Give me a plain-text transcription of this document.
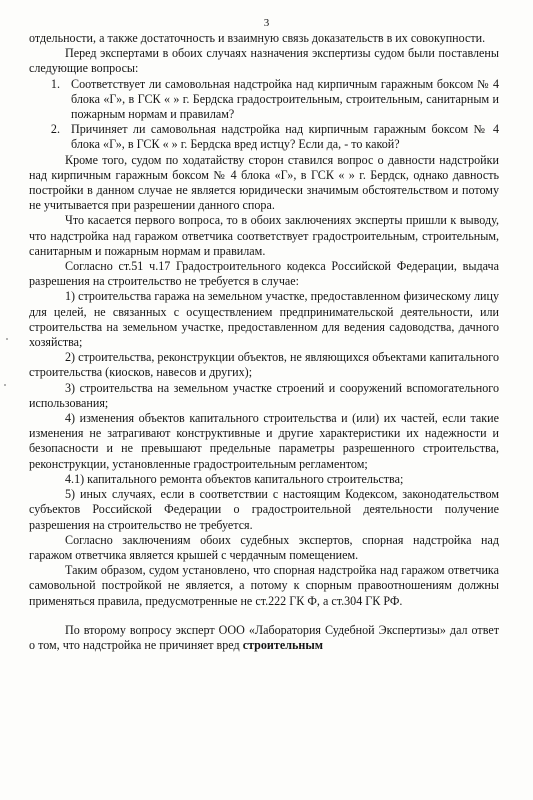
3

отдельности, а также достаточность и взаимную связь доказательств в их совокупности.

Перед экспертами в обоих случаях назначения экспертизы судом были поставлены следующие вопросы:

1. Соответствует ли самовольная надстройка над кирпичным гаражным боксом № 4 блока «Г», в ГСК « » г. Бердска градостроительным, строительным, санитарным и пожарным нормам и правилам?
2. Причиняет ли самовольная надстройка над кирпичным гаражным боксом № 4 блока «Г», в ГСК « » г. Бердска вред истцу? Если да, - то какой?

Кроме того, судом по ходатайству сторон ставился вопрос о давности надстройки над кирпичным гаражным боксом № 4 блока «Г», в ГСК « » г. Бердск, однако давность постройки в данном случае не является юридически значимым обстоятельством и потому не учитывается при разрешении данного спора.

Что касается первого вопроса, то в обоих заключениях эксперты пришли к выводу, что надстройка над гаражом ответчика соответствует градостроительным, строительным, санитарным и пожарным нормам и правилам.

Согласно ст.51 ч.17 Градостроительного кодекса Российской Федерации, выдача разрешения на строительство не требуется в случае:

1) строительства гаража на земельном участке, предоставленном физическому лицу для целей, не связанных с осуществлением предпринимательской деятельности, или строительства на земельном участке, предоставленном для ведения садоводства, дачного хозяйства;

2) строительства, реконструкции объектов, не являющихся объектами капитального строительства (киосков, навесов и других);

3) строительства на земельном участке строений и сооружений вспомогательного использования;

4) изменения объектов капитального строительства и (или) их частей, если такие изменения не затрагивают конструктивные и другие характеристики их надежности и безопасности и не превышают предельные параметры разрешенного строительства, реконструкции, установленные градостроительным регламентом;

4.1) капитального ремонта объектов капитального строительства;

5) иных случаях, если в соответствии с настоящим Кодексом, законодательством субъектов Российской Федерации о градостроительной деятельности получение разрешения на строительство не требуется.

Согласно заключениям обоих судебных экспертов, спорная надстройка над гаражом ответчика является крышей с чердачным помещением.

Таким образом, судом установлено, что спорная надстройка над гаражом ответчика самовольной постройкой не является, а потому к спорным правоотношениям должны применяться правила, предусмотренные не ст.222 ГК Ф, а ст.304 ГК РФ.

По второму вопросу эксперт ООО «Лаборатория Судебной Экспертизы» дал ответ о том, что надстройка не причиняет вред строительным
